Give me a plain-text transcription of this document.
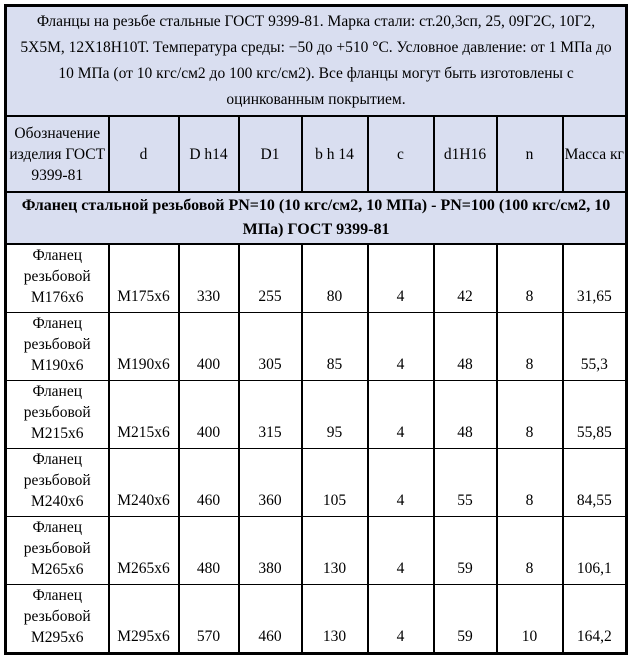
Фланцы на резьбе стальные ГОСТ 9399-81. Марка стали: ст.20,3сп, 25, 09Г2С, 10Г2, 5Х5М, 12Х18Н10Т. Температура среды: −50 до +510 °С. Условное давление: от 1 МПа до 10 МПа (от 10 кгс/см2 до 100 кгс/см2). Все фланцы могут быть изготовлены с оцинкованным покрытием.								
Обозначение изделия ГОСТ 9399-81	d	D h14	D1	b h 14	c	d1H16	n	Масса кг
Фланец стальной резьбовой PN=10 (10 кгс/см2, 10 МПа) - PN=100 (100 кгс/см2, 10 МПа) ГОСТ 9399-81								
Фланец резьбовой М176х6	М175х6	330	255	80	4	42	8	31,65
Фланец резьбовой М190х6	М190х6	400	305	85	4	48	8	55,3
Фланец резьбовой М215х6	М215х6	400	315	95	4	48	8	55,85
Фланец резьбовой М240х6	М240х6	460	360	105	4	55	8	84,55
Фланец резьбовой М265х6	М265х6	480	380	130	4	59	8	106,1
Фланец резьбовой М295х6	М295х6	570	460	130	4	59	10	164,2
